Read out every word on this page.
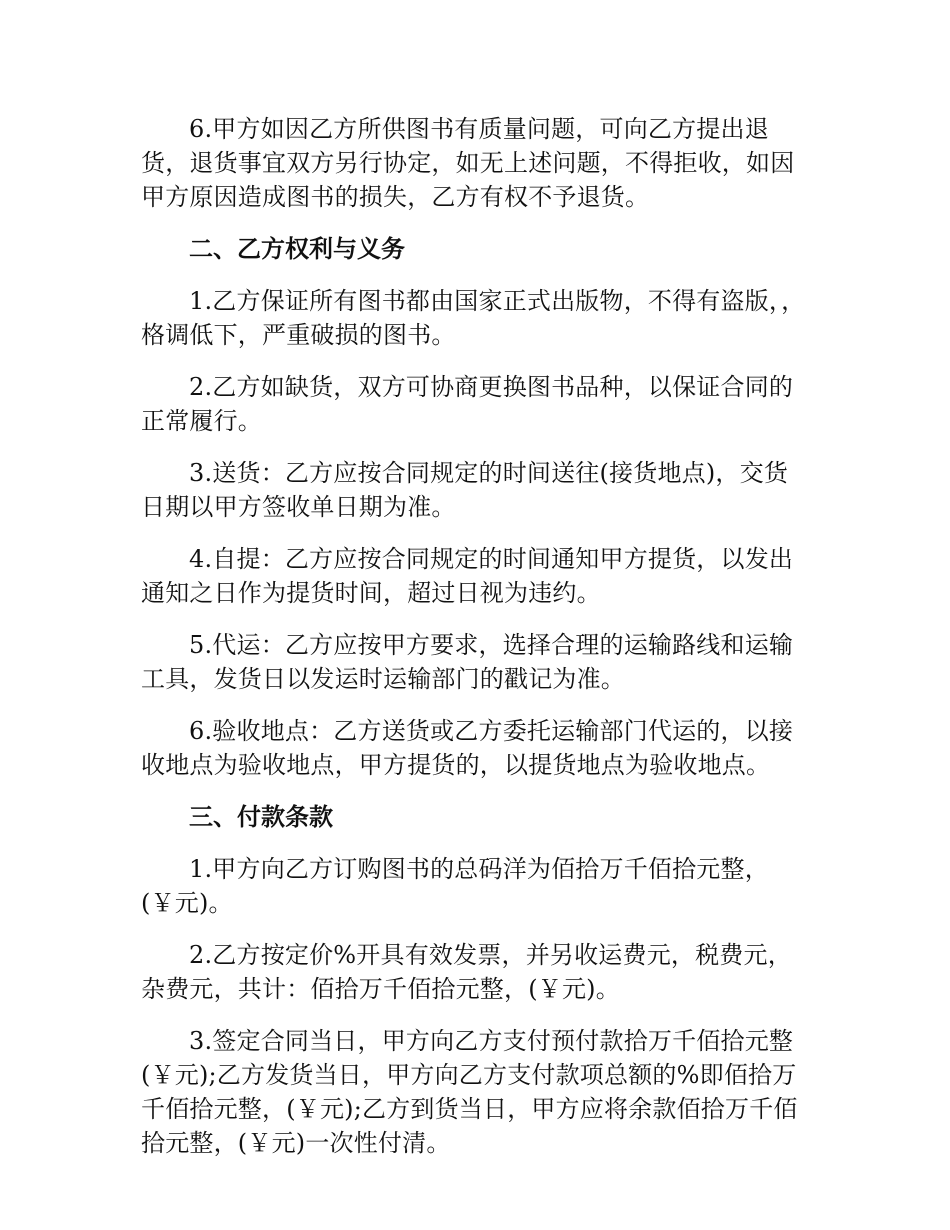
6.甲方如因乙方所供图书有质量问题，可向乙方提出退货，退货事宜双方另行协定，如无上述问题，不得拒收，如因甲方原因造成图书的损失，乙方有权不予退货。

二、乙方权利与义务

1.乙方保证所有图书都由国家正式出版物，不得有盗版，，格调低下，严重破损的图书。

2.乙方如缺货，双方可协商更换图书品种，以保证合同的正常履行。

3.送货：乙方应按合同规定的时间送往(接货地点)，交货日期以甲方签收单日期为准。

4.自提：乙方应按合同规定的时间通知甲方提货，以发出通知之日作为提货时间，超过日视为违约。

5.代运：乙方应按甲方要求，选择合理的运输路线和运输工具，发货日以发运时运输部门的戳记为准。

6.验收地点：乙方送货或乙方委托运输部门代运的，以接收地点为验收地点，甲方提货的，以提货地点为验收地点。

三、付款条款

1.甲方向乙方订购图书的总码洋为佰拾万千佰拾元整，(￥元)。

2.乙方按定价%开具有效发票，并另收运费元，税费元，杂费元，共计：佰拾万千佰拾元整，(￥元)。

3.签定合同当日，甲方向乙方支付预付款拾万千佰拾元整(￥元);乙方发货当日，甲方向乙方支付款项总额的%即佰拾万千佰拾元整，(￥元);乙方到货当日，甲方应将余款佰拾万千佰拾元整，(￥元)一次性付清。
